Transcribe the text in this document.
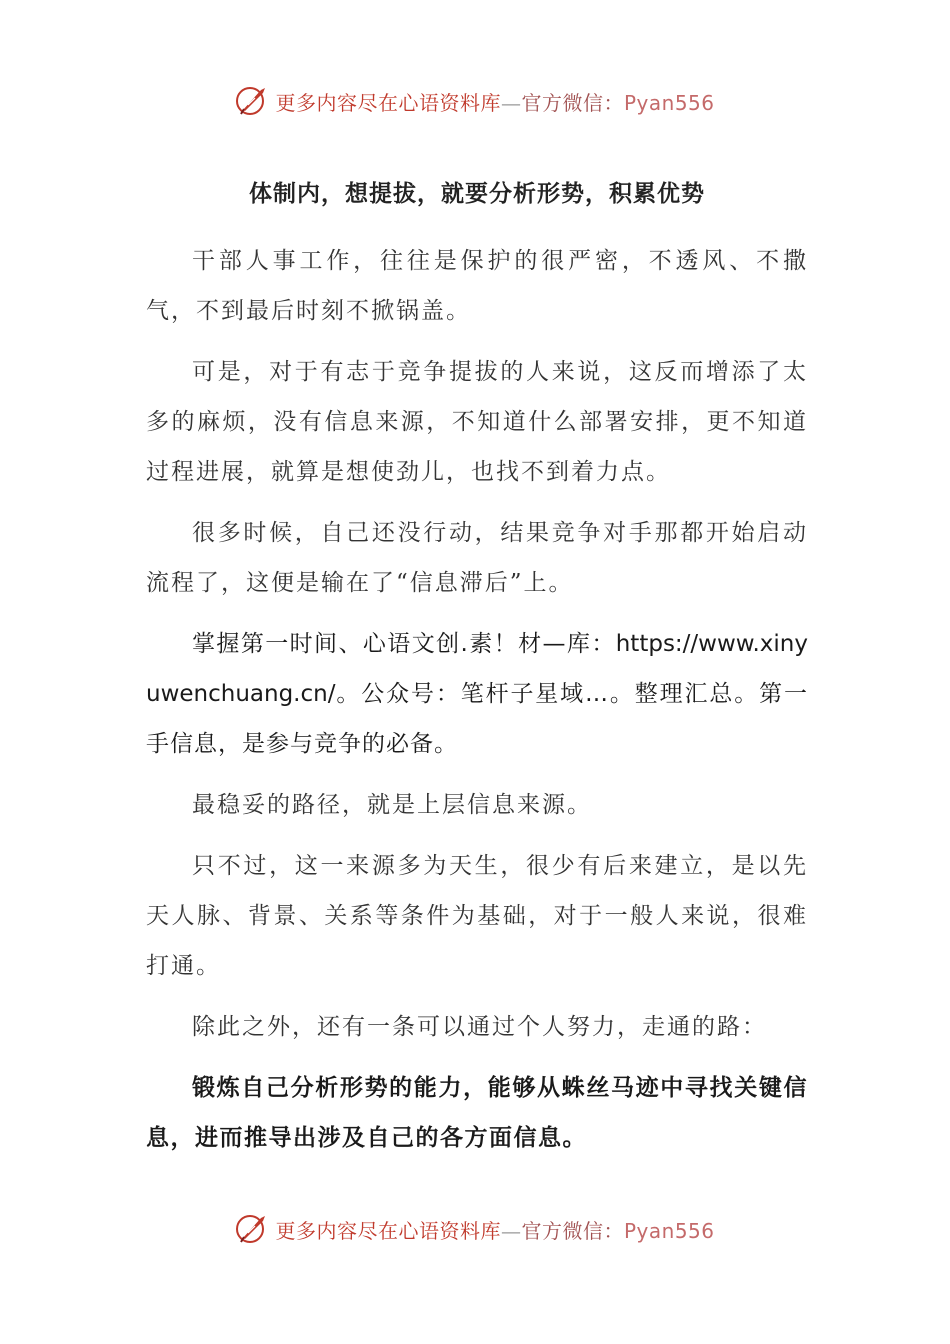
更多内容尽在心语资料库—官方微信：Pyan556
体制内，想提拔，就要分析形势，积累优势

干部人事工作，往往是保护的很严密，不透风、不撒气，不到最后时刻不掀锅盖。

可是，对于有志于竞争提拔的人来说，这反而增添了太多的麻烦，没有信息来源，不知道什么部署安排，更不知道过程进展，就算是想使劲儿，也找不到着力点。

很多时候，自己还没行动，结果竞争对手那都开始启动流程了，这便是输在了“信息滞后”上。

掌握第一时间、心语文创.素！材—库：https://www.xinyuwenchuang.cn/。公众号：笔杆子星域…。整理汇总。第一手信息，是参与竞争的必备。

最稳妥的路径，就是上层信息来源。

只不过，这一来源多为天生，很少有后来建立，是以先天人脉、背景、关系等条件为基础，对于一般人来说，很难打通。

除此之外，还有一条可以通过个人努力，走通的路：

锻炼自己分析形势的能力，能够从蛛丝马迹中寻找关键信息，进而推导出涉及自己的各方面信息。

更多内容尽在心语资料库—官方微信：Pyan556
